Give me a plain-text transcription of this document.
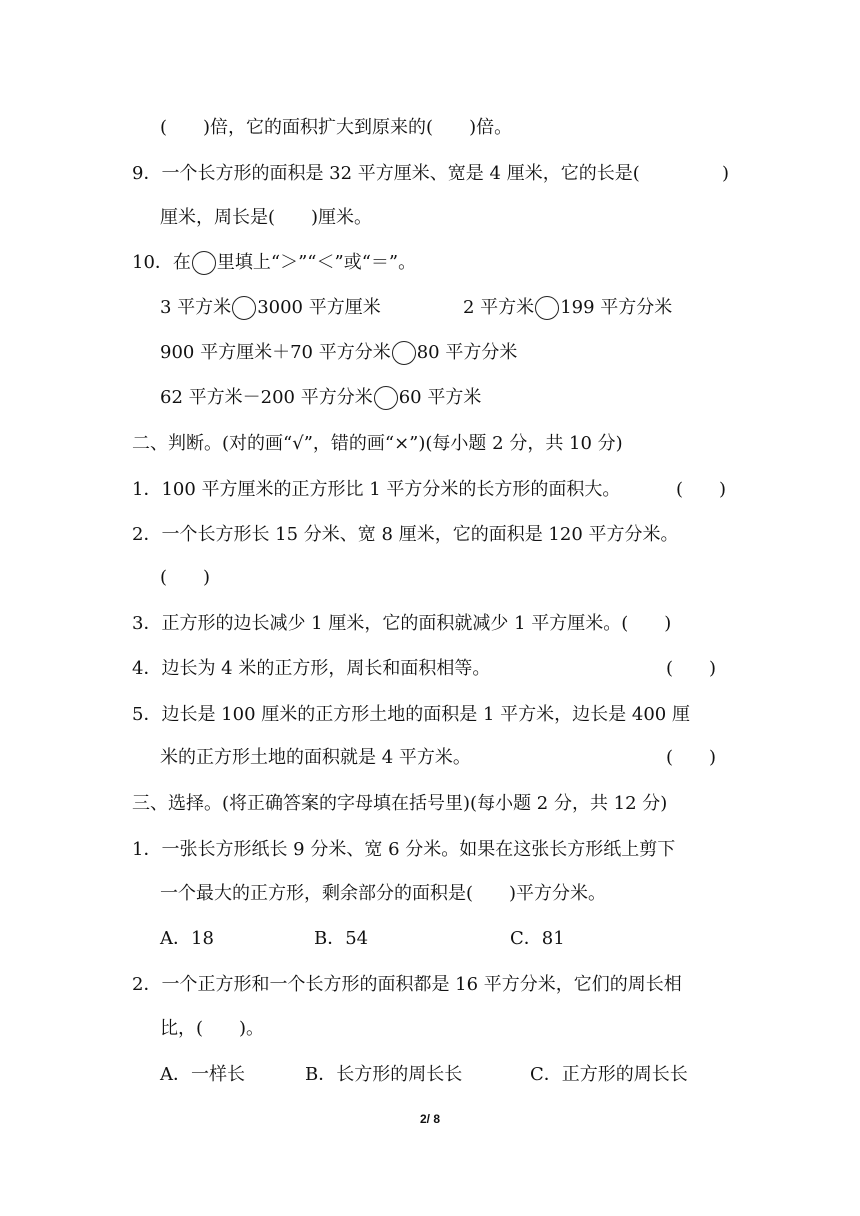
(　　)倍，它的面积扩大到原来的(　　)倍。
9．一个长方形的面积是 32 平方厘米、宽是 4 厘米，它的长是(	)
厘米，周长是(　　)厘米。
10．在 里填上“＞”“＜”或“＝”。
3 平方米 3000 平方厘米	2 平方米 199 平方分米
900 平方厘米＋70 平方分米 80 平方分米
62 平方米－200 平方分米 60 平方米
二、判断。(对的画“√”，错的画“×”)(每小题 2 分，共 10 分)
1．100 平方厘米的正方形比 1 平方分米的长方形的面积大。	(　　)
2．一个长方形长 15 分米、宽 8 厘米，它的面积是 120 平方分米。
(　　)
3．正方形的边长减少 1 厘米，它的面积就减少 1 平方厘米。(　　)
4．边长为 4 米的正方形，周长和面积相等。	(　　)
5．边长是 100 厘米的正方形土地的面积是 1 平方米，边长是 400 厘
米的正方形土地的面积就是 4 平方米。	(　　)
三、选择。(将正确答案的字母填在括号里)(每小题 2 分，共 12 分)
1．一张长方形纸长 9 分米、宽 6 分米。如果在这张长方形纸上剪下
一个最大的正方形，剩余部分的面积是(　　)平方分米。
A．18	B．54	C．81
2．一个正方形和一个长方形的面积都是 16 平方分米，它们的周长相
比，(　　)。
A．一样长	B．长方形的周长长	C．正方形的周长长
2/ 8
